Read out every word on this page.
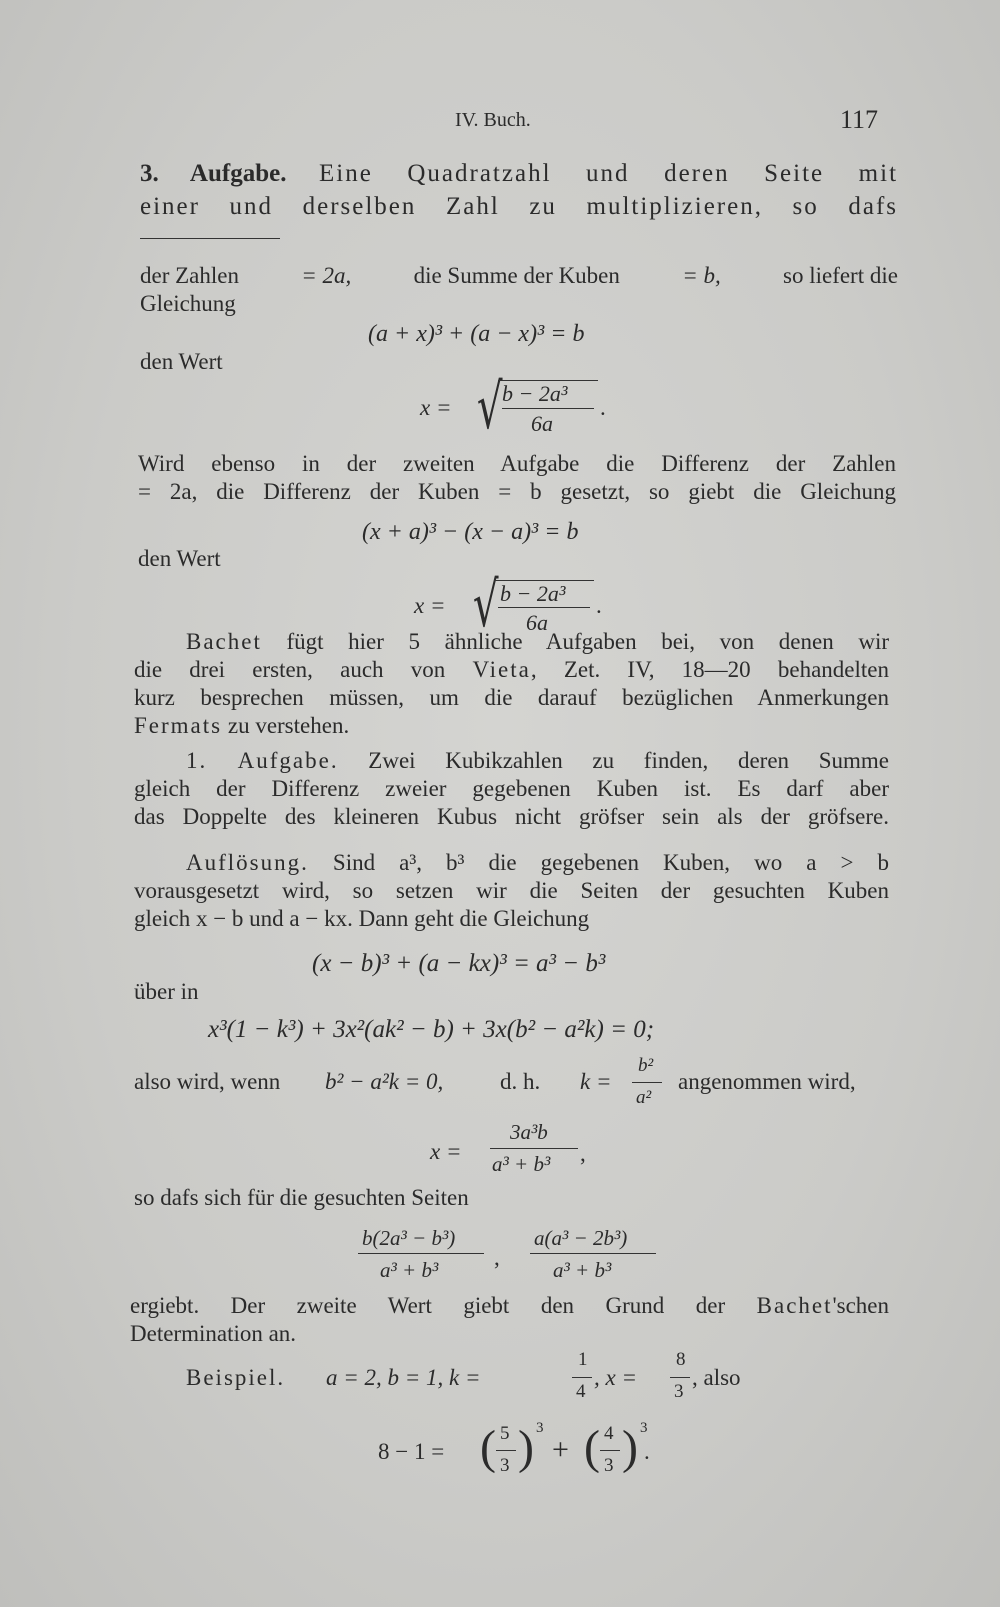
IV. Buch.	117
3. Aufgabe. Eine Quadratzahl und deren Seite mit
einer und derselben Zahl zu multiplizieren, so dafs
der Zahlen	= 2a,	die Summe der Kuben	= b,	so liefert die
Gleichung
(a + x)³ + (a − x)³ = b
den Wert
x = √ b − 2a³
6a
.
Wird ebenso in der zweiten Aufgabe die Differenz der Zahlen
= 2a, die Differenz der Kuben = b gesetzt, so giebt die Gleichung
(x + a)³ − (x − a)³ = b
den Wert
x = √ b − 2a³
6a
.
Bachet fügt hier 5 ähnliche Aufgaben bei, von denen wir
die drei ersten, auch von Vieta, Zet. IV, 18—20 behandelten
kurz besprechen müssen, um die darauf bezüglichen Anmerkungen
Fermats zu verstehen.
1. Aufgabe. Zwei Kubikzahlen zu finden, deren Summe
gleich der Differenz zweier gegebenen Kuben ist. Es darf aber
das Doppelte des kleineren Kubus nicht gröfser sein als der gröfsere.
Auflösung. Sind a³, b³ die gegebenen Kuben, wo a > b
vorausgesetzt wird, so setzen wir die Seiten der gesuchten Kuben
gleich x − b und a − kx. Dann geht die Gleichung
(x − b)³ + (a − kx)³ = a³ − b³
über in
x³(1 − k³) + 3x²(ak² − b) + 3x(b² − a²k) = 0;
also wird, wenn b² − a²k = 0, d. h. k =
b²
a²
angenommen wird,
x =
3a³b
a³ + b³ ,
so dafs sich für die gesuchten Seiten
b(2a³ − b³)
a³ + b³ ,
a(a³ − 2b³)
a³ + b³
ergiebt. Der zweite Wert giebt den Grund der Bachet'schen
Determination an.
Beispiel. a = 2, b = 1, k =
1
4
, x =
8
3
, also
8 − 1 = ( 5
3 ) 3
+ ( 4
3 ) 3
.
